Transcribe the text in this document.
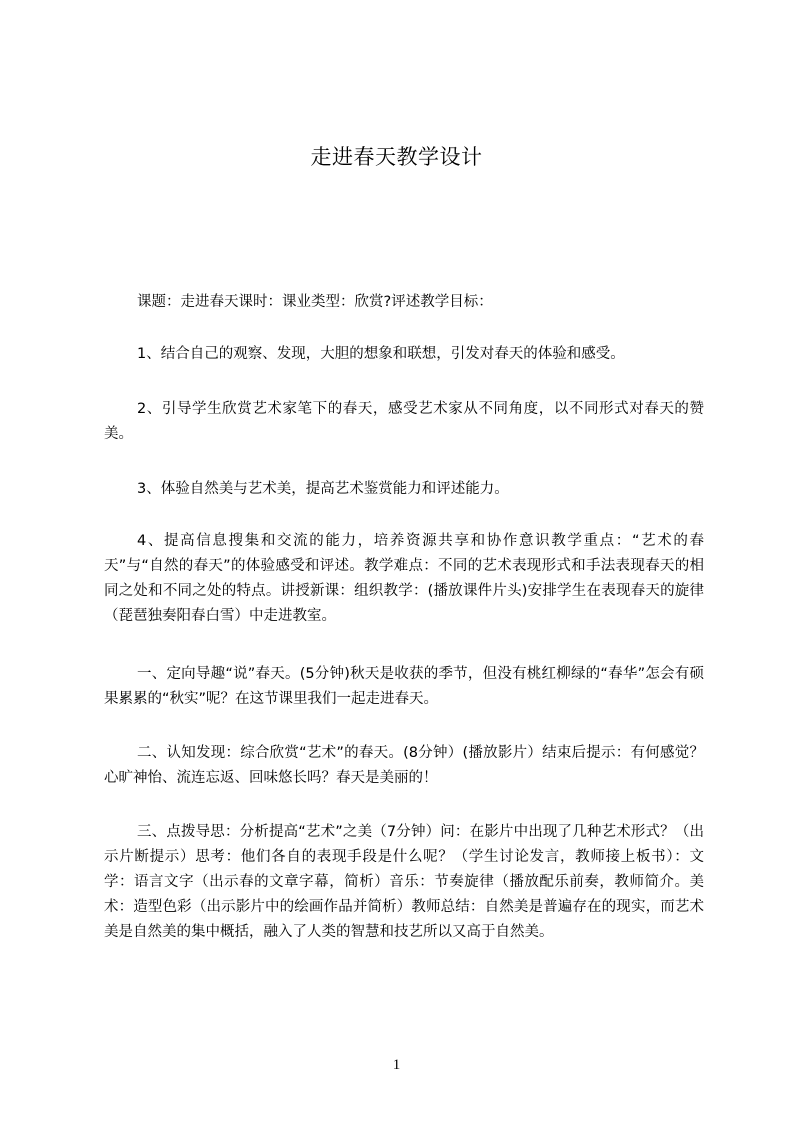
走进春天教学设计

课题：走进春天课时：课业类型：欣赏?评述教学目标：

1、结合自己的观察、发现，大胆的想象和联想，引发对春天的体验和感受。

2、引导学生欣赏艺术家笔下的春天，感受艺术家从不同角度，以不同形式对春天的赞美。

3、体验自然美与艺术美，提高艺术鉴赏能力和评述能力。

4、提高信息搜集和交流的能力，培养资源共享和协作意识教学重点：“艺术的春天”与“自然的春天”的体验感受和评述。教学难点：不同的艺术表现形式和手法表现春天的相同之处和不同之处的特点。讲授新课：组织教学：(播放课件片头)安排学生在表现春天的旋律（琵琶独奏阳春白雪）中走进教室。

一、定向导趣“说”春天。(5分钟)秋天是收获的季节，但没有桃红柳绿的“春华”怎会有硕果累累的“秋实”呢？在这节课里我们一起走进春天。

二、认知发现：综合欣赏“艺术”的春天。(8分钟）(播放影片）结束后提示：有何感觉？心旷神怡、流连忘返、回味悠长吗？春天是美丽的！

三、点拨导思：分析提高“艺术”之美（7分钟）问：在影片中出现了几种艺术形式？（出示片断提示）思考：他们各自的表现手段是什么呢？（学生讨论发言，教师接上板书）：文学：语言文字（出示春的文章字幕，简析）音乐：节奏旋律（播放配乐前奏，教师简介。美术：造型色彩（出示影片中的绘画作品并简析）教师总结：自然美是普遍存在的现实，而艺术美是自然美的集中概括，融入了人类的智慧和技艺所以又高于自然美。

1
